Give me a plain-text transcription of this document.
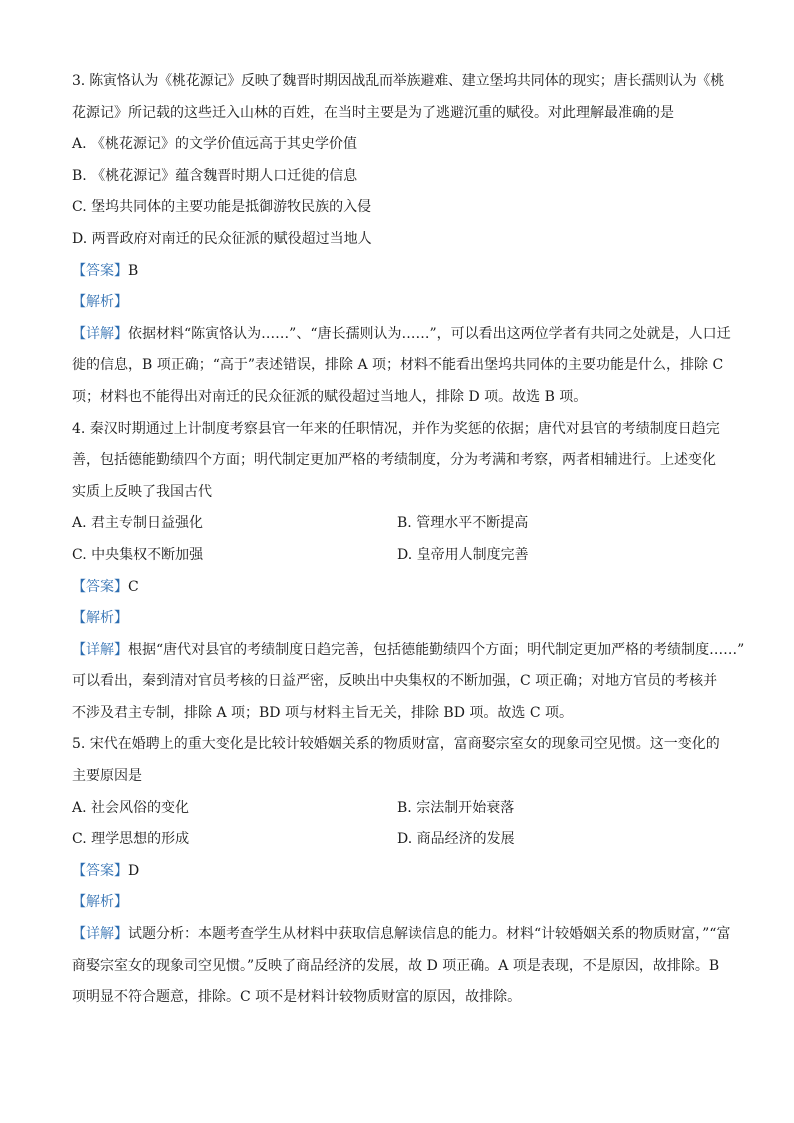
3. 陈寅恪认为《桃花源记》反映了魏晋时期因战乱而举族避难、建立堡坞共同体的现实；唐长孺则认为《桃
花源记》所记载的这些迁入山林的百姓，在当时主要是为了逃避沉重的赋役。对此理解最准确的是
A. 《桃花源记》的文学价值远高于其史学价值
B. 《桃花源记》蕴含魏晋时期人口迁徙的信息
C. 堡坞共同体的主要功能是抵御游牧民族的入侵
D. 两晋政府对南迁的民众征派的赋役超过当地人
【答案】B
【解析】
【详解】依据材料“陈寅恪认为……”、“唐长孺则认为……”，可以看出这两位学者有共同之处就是，人口迁
徙的信息，B 项正确；“高于”表述错误，排除 A 项；材料不能看出堡坞共同体的主要功能是什么，排除 C
项；材料也不能得出对南迁的民众征派的赋役超过当地人，排除 D 项。故选 B 项。
4. 秦汉时期通过上计制度考察县官一年来的任职情况，并作为奖惩的依据；唐代对县官的考绩制度日趋完
善，包括德能勤绩四个方面；明代制定更加严格的考绩制度，分为考满和考察，两者相辅进行。上述变化
实质上反映了我国古代
A. 君主专制日益强化	B. 管理水平不断提高
C. 中央集权不断加强	D. 皇帝用人制度完善
【答案】C
【解析】
【详解】根据“唐代对县官的考绩制度日趋完善，包括德能勤绩四个方面；明代制定更加严格的考绩制度……”
可以看出，秦到清对官员考核的日益严密，反映出中央集权的不断加强，C 项正确；对地方官员的考核并
不涉及君主专制，排除 A 项；BD 项与材料主旨无关，排除 BD 项。故选 C 项。
5. 宋代在婚聘上的重大变化是比较计较婚姻关系的物质财富，富商娶宗室女的现象司空见惯。这一变化的
主要原因是
A. 社会风俗的变化	B. 宗法制开始衰落
C. 理学思想的形成	D. 商品经济的发展
【答案】D
【解析】
【详解】试题分析：本题考查学生从材料中获取信息解读信息的能力。材料“计较婚姻关系的物质财富，”“富
商娶宗室女的现象司空见惯。”反映了商品经济的发展，故 D 项正确。A 项是表现，不是原因，故排除。B
项明显不符合题意，排除。C 项不是材料计较物质财富的原因，故排除。
